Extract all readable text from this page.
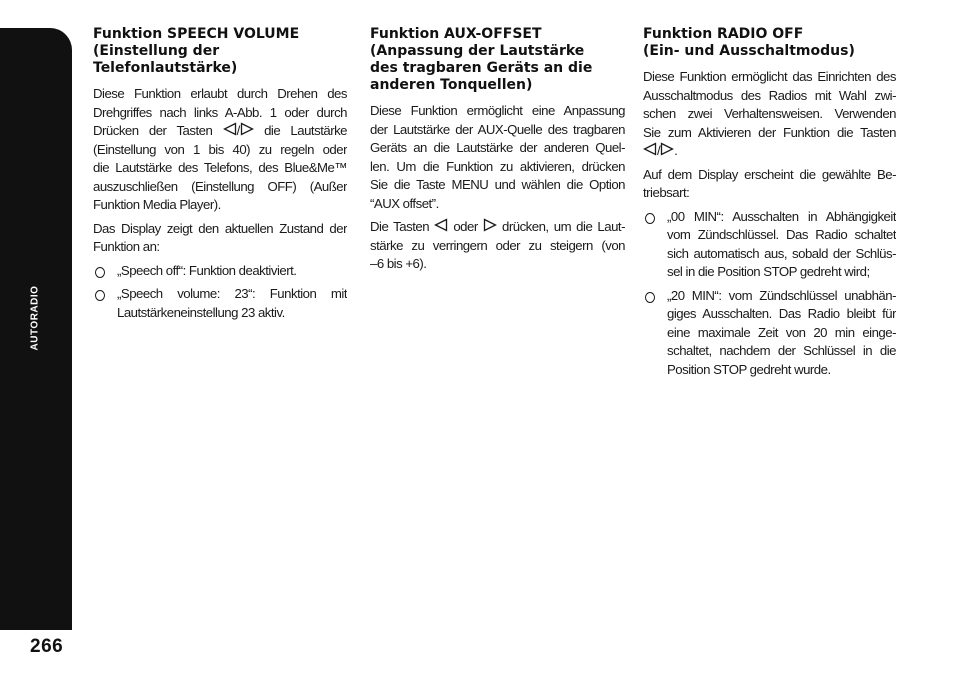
AUTORADIO
266
Funktion SPEECH VOLUME
(Einstellung der
Telefonlautstärke)

Diese Funktion erlaubt durch Drehen des
Drehgriffes nach links A-Abb. 1 oder durch
Drücken der Tasten / die Lautstärke
(Einstellung von 1 bis 40) zu regeln oder
die Lautstärke des Telefons, des Blue&Me™
auszuschließen (Einstellung OFF) (Außer
Funktion Media Player).

Das Display zeigt den aktuellen Zustand der
Funktion an:

„Speech off“: Funktion deaktiviert.

„Speech volume: 23“: Funktion mit
Lautstärkeneinstellung 23 aktiv.

Funktion AUX-OFFSET
(Anpassung der Lautstärke
des tragbaren Geräts an die
anderen Tonquellen)

Diese Funktion ermöglicht eine Anpassung
der Lautstärke der AUX-Quelle des tragbaren
Geräts an die Lautstärke der anderen Quel-
len. Um die Funktion zu aktivieren, drücken
Sie die Taste MENU und wählen die Option
“AUX offset”.

Die Tasten oder drücken, um die Laut-
stärke zu verringern oder zu steigern (von
–6 bis +6).

Funktion RADIO OFF
(Ein- und Ausschaltmodus)

Diese Funktion ermöglicht das Einrichten des
Ausschaltmodus des Radios mit Wahl zwi-
schen zwei Verhaltensweisen. Verwenden
Sie zum Aktivieren der Funktion die Tasten
/ .

Auf dem Display erscheint die gewählte Be-
triebsart:

„00 MIN“: Ausschalten in Abhängigkeit
vom Zündschlüssel. Das Radio schaltet
sich automatisch aus, sobald der Schlüs-
sel in die Position STOP gedreht wird;

„20 MIN“: vom Zündschlüssel unabhän-
giges Ausschalten. Das Radio bleibt für
eine maximale Zeit von 20 min einge-
schaltet, nachdem der Schlüssel in die
Position STOP gedreht wurde.
